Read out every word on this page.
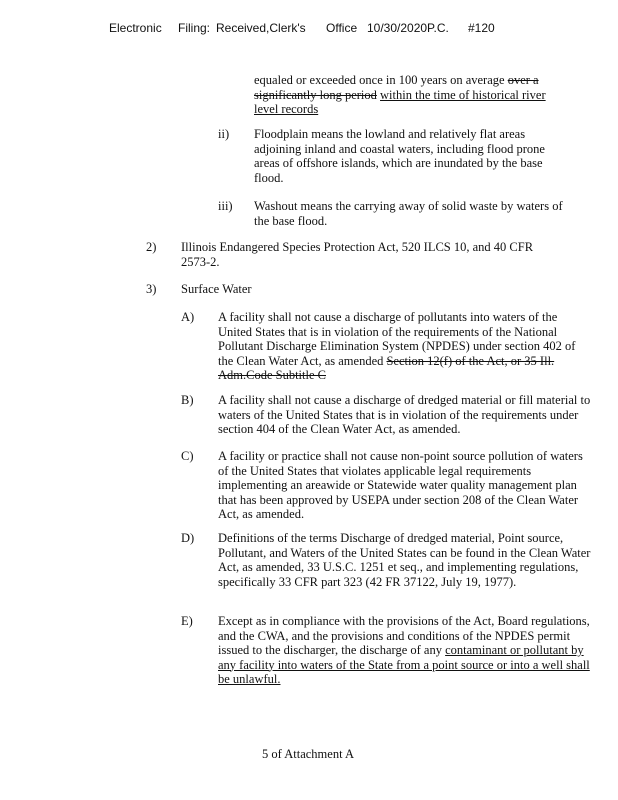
Electronic Filing: Received,Clerk's Office 10/30/2020P.C. #120
equaled or exceeded once in 100 years on average over a significantly long period within the time of historical river level records
ii) Floodplain means the lowland and relatively flat areas adjoining inland and coastal waters, including flood prone areas of offshore islands, which are inundated by the base flood.
iii) Washout means the carrying away of solid waste by waters of the base flood.
2) Illinois Endangered Species Protection Act, 520 ILCS 10, and 40 CFR 2573-2.
3) Surface Water
A) A facility shall not cause a discharge of pollutants into waters of the United States that is in violation of the requirements of the National Pollutant Discharge Elimination System (NPDES) under section 402 of the Clean Water Act, as amended Section 12(f) of the Act, or 35 Ill. Adm.Code Subtitle C
B) A facility shall not cause a discharge of dredged material or fill material to waters of the United States that is in violation of the requirements under section 404 of the Clean Water Act, as amended.
C) A facility or practice shall not cause non-point source pollution of waters of the United States that violates applicable legal requirements implementing an areawide or Statewide water quality management plan that has been approved by USEPA under section 208 of the Clean Water Act, as amended.
D) Definitions of the terms Discharge of dredged material, Point source, Pollutant, and Waters of the United States can be found in the Clean Water Act, as amended, 33 U.S.C. 1251 et seq., and implementing regulations, specifically 33 CFR part 323 (42 FR 37122, July 19, 1977).
E) Except as in compliance with the provisions of the Act, Board regulations, and the CWA, and the provisions and conditions of the NPDES permit issued to the discharger, the discharge of any contaminant or pollutant by any facility into waters of the State from a point source or into a well shall be unlawful.
5 of Attachment A
